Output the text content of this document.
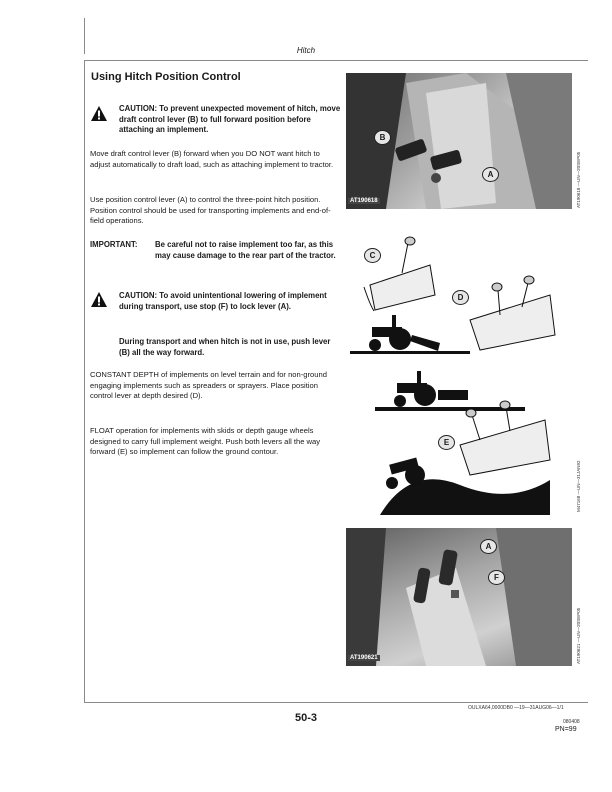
Hitch
Using Hitch Position Control
CAUTION: To prevent unexpected movement of hitch, move draft control lever (B) to full forward position before attaching an implement.
Move draft control lever (B) forward when you DO NOT want hitch to adjust automatically to draft load, such as attaching implement to tractor.
Use position control lever (A) to control the three-point hitch position. Position control should be used for transporting implements and end-of-field operations.
IMPORTANT: Be careful not to raise implement too far, as this may cause damage to the rear part of the tractor.
CAUTION: To avoid unintentional lowering of implement during transport, use stop (F) to lock lever (A).
During transport and when hitch is not in use, push lever (B) all the way forward.
CONSTANT DEPTH of implements on level terrain and for non-ground engaging implements such as spreaders or sprayers. Place position control lever at depth desired (D).
FLOAT operation for implements with skids or depth gauge wheels designed to carry full implement weight. Push both levers all the way forward (E) so implement can follow the ground contour.
B
A
AT190618	AT190618 —UN—20SEP05
C
D
E
M47168 —UN—31JAN92
A
F
AT190621	AT190621 —UN—20SEP05
OULXA64,0000DB0 —19—31AUG06—1/1
50-3	080408
PN=99
